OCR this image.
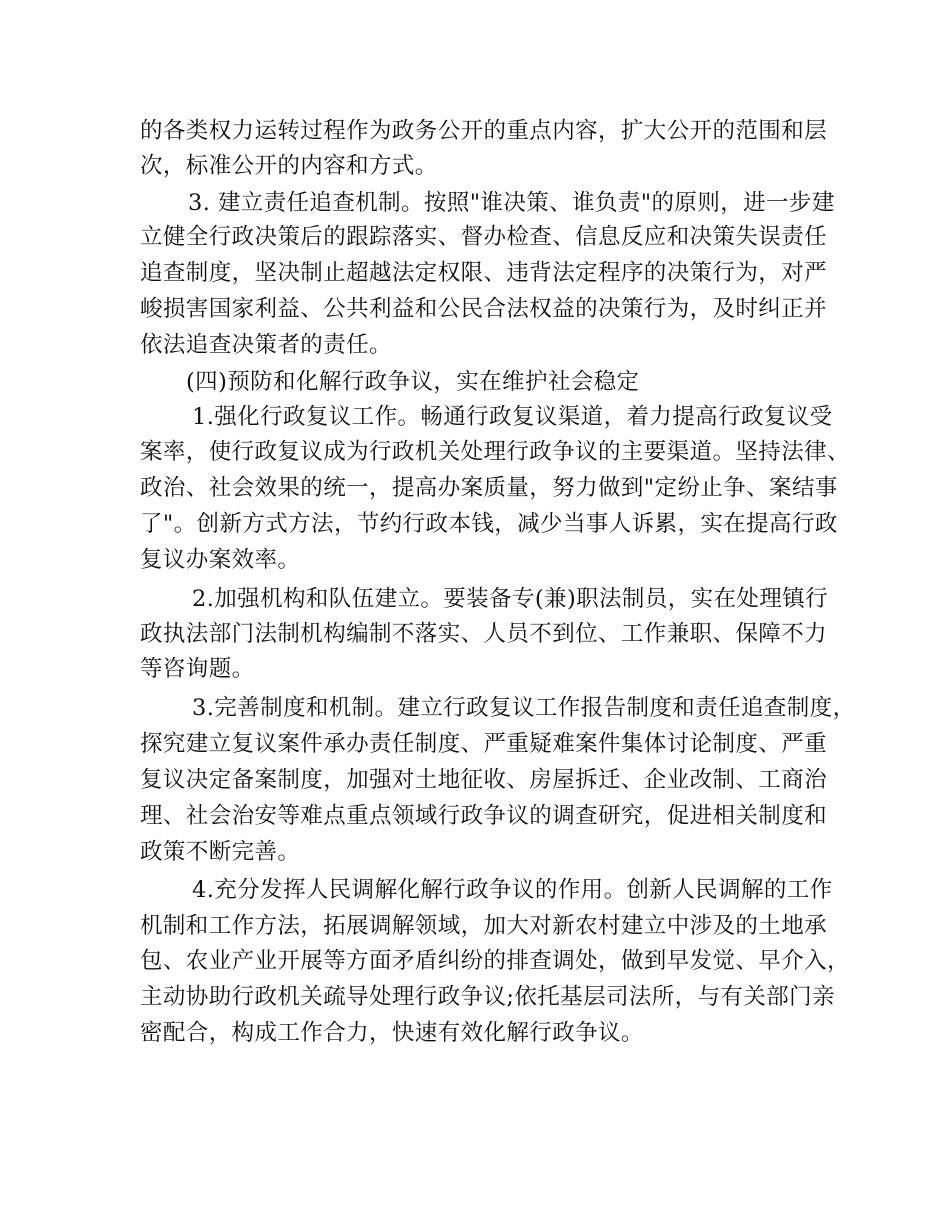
的各类权力运转过程作为政务公开的重点内容，扩大公开的范围和层
次，标准公开的内容和方式。
3. 建立责任追查机制。按照"谁决策、谁负责"的原则，进一步建
立健全行政决策后的跟踪落实、督办检查、信息反应和决策失误责任
追查制度，坚决制止超越法定权限、违背法定程序的决策行为，对严
峻损害国家利益、公共利益和公民合法权益的决策行为，及时纠正并
依法追查决策者的责任。
(四)预防和化解行政争议，实在维护社会稳定
1.强化行政复议工作。畅通行政复议渠道，着力提高行政复议受
案率，使行政复议成为行政机关处理行政争议的主要渠道。坚持法律、
政治、社会效果的统一，提高办案质量，努力做到"定纷止争、案结事
了"。创新方式方法，节约行政本钱，减少当事人诉累，实在提高行政
复议办案效率。
2.加强机构和队伍建立。要装备专(兼)职法制员，实在处理镇行
政执法部门法制机构编制不落实、人员不到位、工作兼职、保障不力
等咨询题。
3.完善制度和机制。建立行政复议工作报告制度和责任追查制度，
探究建立复议案件承办责任制度、严重疑难案件集体讨论制度、严重
复议决定备案制度，加强对土地征收、房屋拆迁、企业改制、工商治
理、社会治安等难点重点领域行政争议的调查研究，促进相关制度和
政策不断完善。
4.充分发挥人民调解化解行政争议的作用。创新人民调解的工作
机制和工作方法，拓展调解领域，加大对新农村建立中涉及的土地承
包、农业产业开展等方面矛盾纠纷的排查调处，做到早发觉、早介入，
主动协助行政机关疏导处理行政争议;依托基层司法所，与有关部门亲
密配合，构成工作合力，快速有效化解行政争议。
